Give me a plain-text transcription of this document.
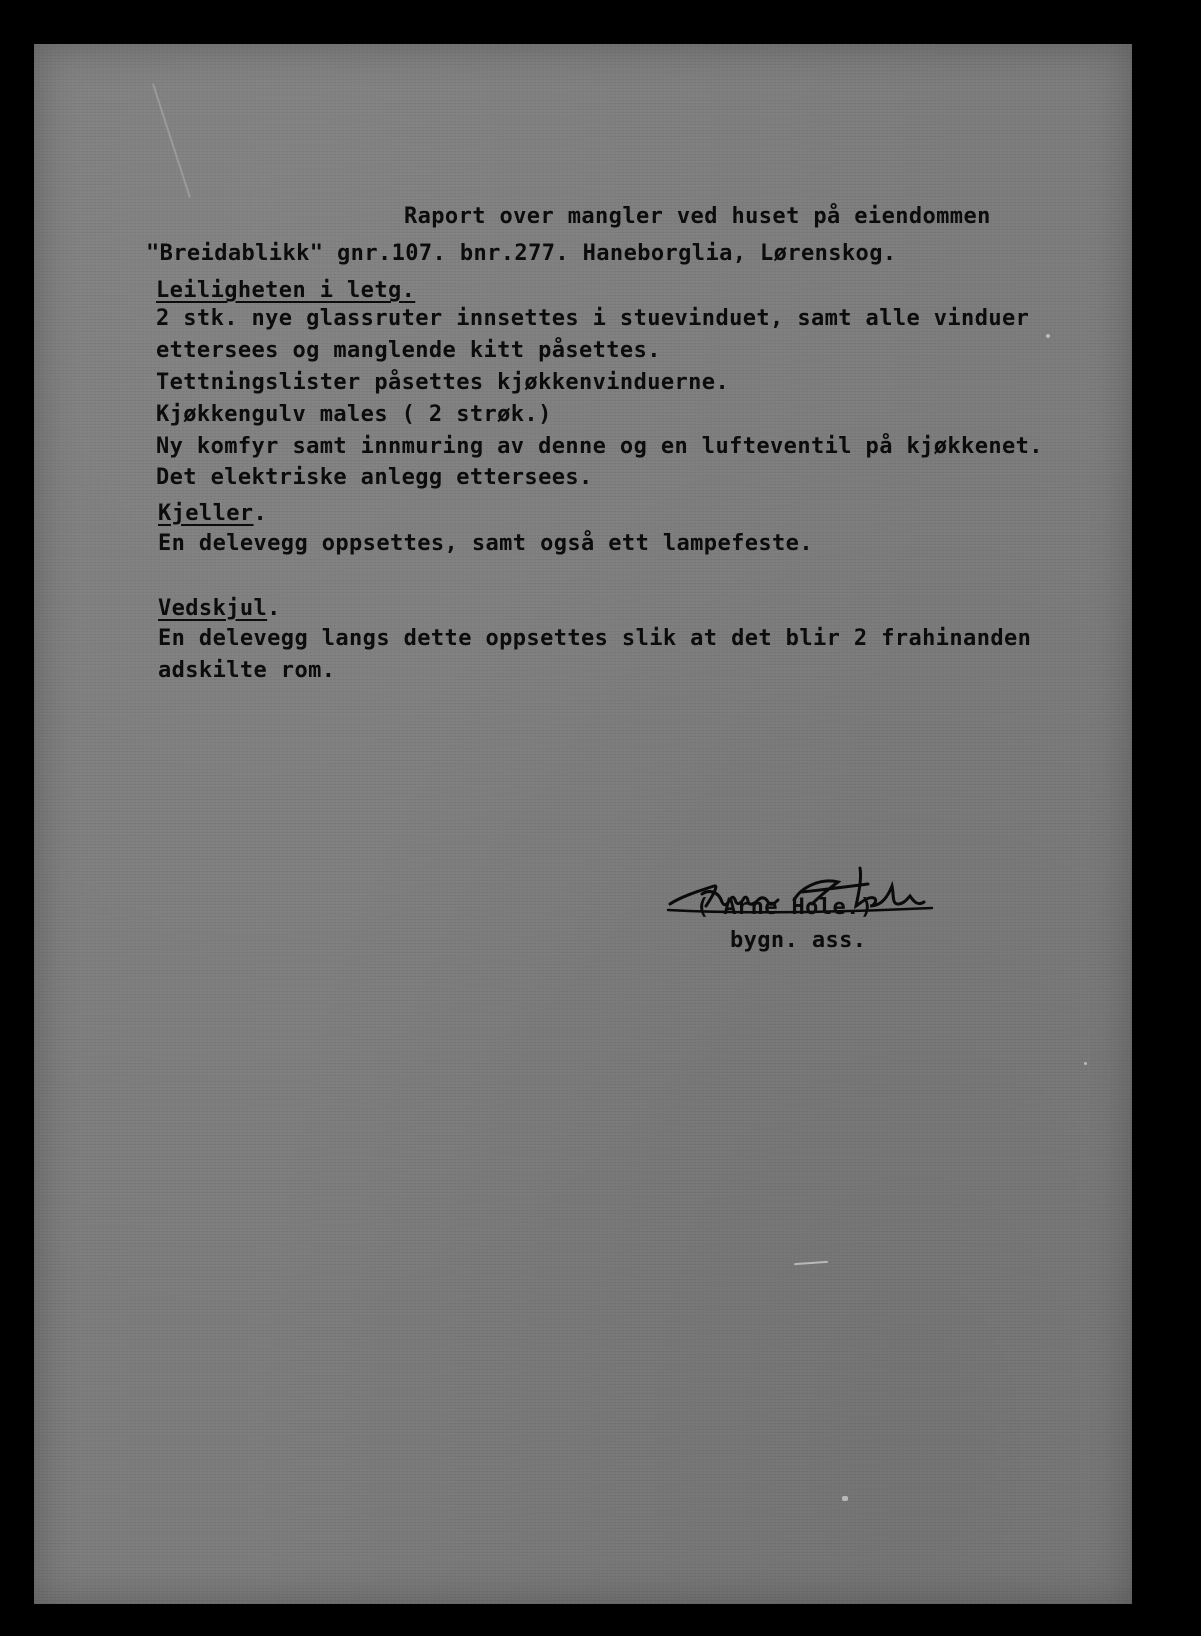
Raport over mangler ved huset på eiendommen

"Breidablikk" gnr.107. bnr.277. Haneborglia, Lørenskog.

Leiligheten i letg.

2 stk. nye glassruter innsettes i stuevinduet, samt alle vinduer

ettersees og manglende kitt påsettes.

Tettningslister påsettes kjøkkenvinduerne.

Kjøkkengulv males ( 2 strøk.)

Ny komfyr samt innmuring av denne og en lufteventil på kjøkkenet.

Det elektriske anlegg ettersees.

Kjeller.

En delevegg oppsettes, samt også ett lampefeste.

Vedskjul.

En delevegg langs dette oppsettes slik at det blir 2 frahinanden

adskilte rom.

( Arne Hole.)

bygn. ass.
